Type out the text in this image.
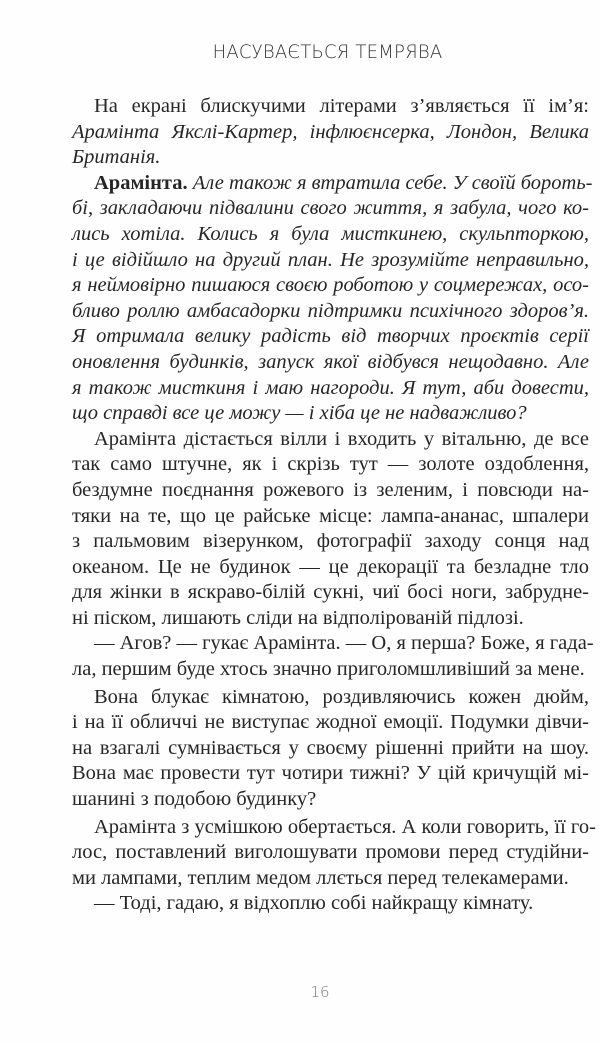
НАСУВАЄТЬСЯ ТЕМРЯВА
На екрані блискучими літерами з’являється її ім’я:
Арамінта Якслі-Картер, інфлюєнсерка, Лондон, Велика
Британія.
Арамінта. Але також я втратила себе. У своїй бороть-
бі, закладаючи підвалини свого життя, я забула, чого ко-
лись хотіла. Колись я була мисткинею, скульпторкою,
і це відійшло на другий план. Не зрозумійте неправильно,
я неймовірно пишаюся своєю роботою у соцмережах, осо-
бливо роллю амбасадорки підтримки психічного здоров’я.
Я отримала велику радість від творчих проєктів серії
оновлення будинків, запуск якої відбувся нещодавно. Але
я також мисткиня і маю нагороди. Я тут, аби довести,
що справді все це можу — і хіба це не надважливо?
Арамінта дістається вілли і входить у вітальню, де все
так само штучне, як і скрізь тут — золоте оздоблення,
бездумне поєднання рожевого із зеленим, і повсюди на-
тяки на те, що це райське місце: лампа-ананас, шпалери
з пальмовим візерунком, фотографії заходу сонця над
океаном. Це не будинок — це декорації та безладне тло
для жінки в яскраво-білій сукні, чиї босі ноги, забрудне-
ні піском, лишають сліди на відполірованій підлозі.
— Агов? — гукає Арамінта. — О, я перша? Боже, я гада-
ла, першим буде хтось значно приголомшливіший за мене.
Вона блукає кімнатою, роздивляючись кожен дюйм,
і на її обличчі не виступає жодної емоції. Подумки дівчи-
на взагалі сумнівається у своєму рішенні прийти на шоу.
Вона має провести тут чотири тижні? У цій кричущій мі-
шанині з подобою будинку?
Арамінта з усмішкою обертається. А коли говорить, її го-
лос, поставлений виголошувати промови перед студійни-
ми лампами, теплим медом ллється перед телекамерами.
— Тоді, гадаю, я відхоплю собі найкращу кімнату.
16
